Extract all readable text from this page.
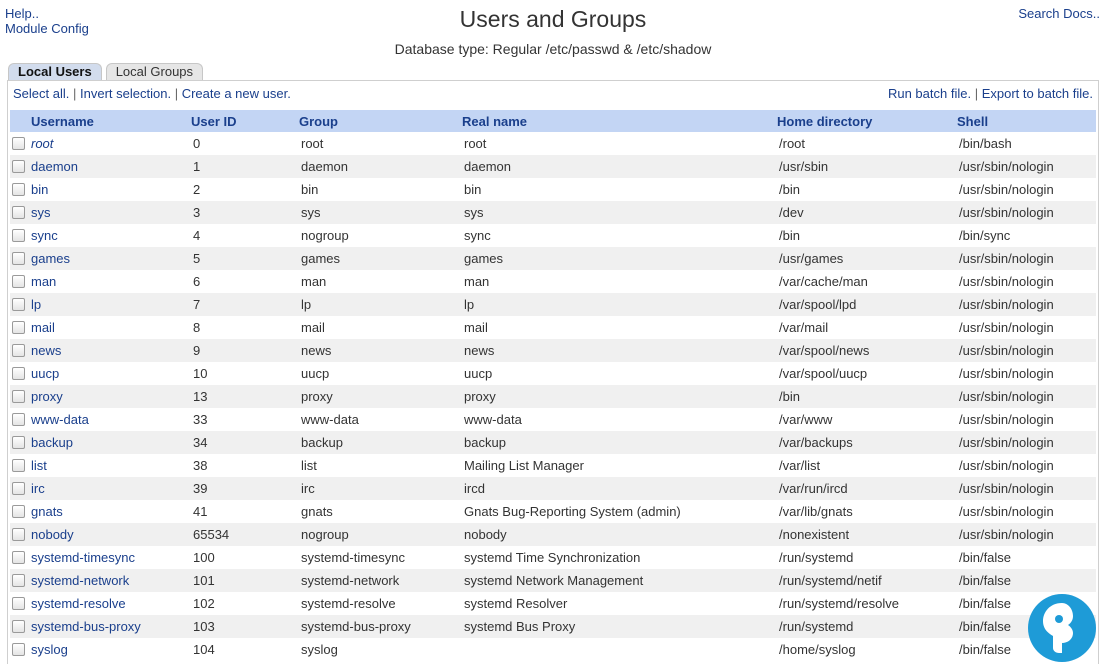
Help..
Module Config	Users and Groups
Database type: Regular /etc/passwd & /etc/shadow
Search Docs..
Local Users	Local Groups
Select all. | Invert selection. | Create a new user.	Run batch file. | Export to batch file.
Username	User ID	Group	Real name	Home directory	Shell
root	0	root	root	/root	/bin/bash
daemon	1	daemon	daemon	/usr/sbin	/usr/sbin/nologin
bin	2	bin	bin	/bin	/usr/sbin/nologin
sys	3	sys	sys	/dev	/usr/sbin/nologin
sync	4	nogroup	sync	/bin	/bin/sync
games	5	games	games	/usr/games	/usr/sbin/nologin
man	6	man	man	/var/cache/man	/usr/sbin/nologin
lp	7	lp	lp	/var/spool/lpd	/usr/sbin/nologin
mail	8	mail	mail	/var/mail	/usr/sbin/nologin
news	9	news	news	/var/spool/news	/usr/sbin/nologin
uucp	10	uucp	uucp	/var/spool/uucp	/usr/sbin/nologin
proxy	13	proxy	proxy	/bin	/usr/sbin/nologin
www-data	33	www-data	www-data	/var/www	/usr/sbin/nologin
backup	34	backup	backup	/var/backups	/usr/sbin/nologin
list	38	list	Mailing List Manager	/var/list	/usr/sbin/nologin
irc	39	irc	ircd	/var/run/ircd	/usr/sbin/nologin
gnats	41	gnats	Gnats Bug-Reporting System (admin)	/var/lib/gnats	/usr/sbin/nologin
nobody	65534	nogroup	nobody	/nonexistent	/usr/sbin/nologin
systemd-timesync	100	systemd-timesync	systemd Time Synchronization	/run/systemd	/bin/false
systemd-network	101	systemd-network	systemd Network Management	/run/systemd/netif	/bin/false
systemd-resolve	102	systemd-resolve	systemd Resolver	/run/systemd/resolve	/bin/false
systemd-bus-proxy	103	systemd-bus-proxy	systemd Bus Proxy	/run/systemd	/bin/false
syslog	104	syslog		/home/syslog	/bin/false
